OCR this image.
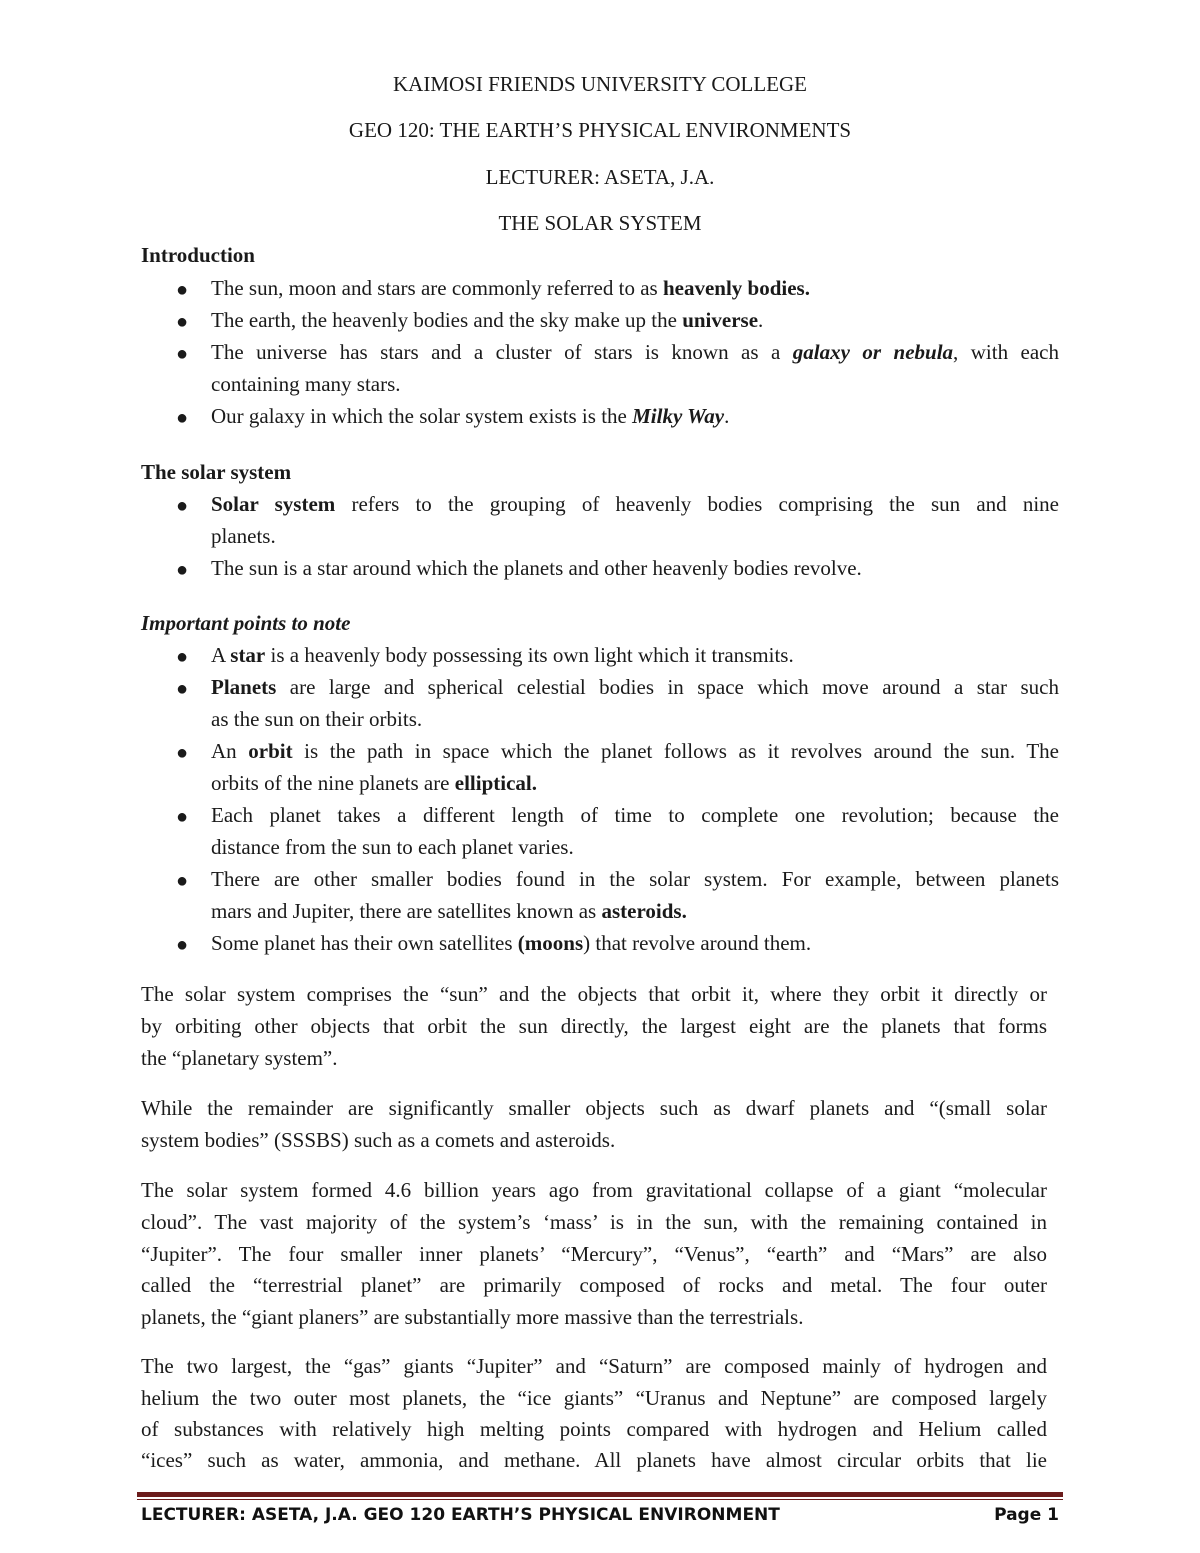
KAIMOSI FRIENDS UNIVERSITY COLLEGE
GEO 120: THE EARTH’S PHYSICAL ENVIRONMENTS
LECTURER: ASETA, J.A.
THE SOLAR SYSTEM
Introduction
● The sun, moon and stars are commonly referred to as heavenly bodies.
● The earth, the heavenly bodies and the sky make up the universe.
● The universe has stars and a cluster of stars is known as a galaxy or nebula, with each
containing many stars.
● Our galaxy in which the solar system exists is the Milky Way.
The solar system
● Solar system refers to the grouping of heavenly bodies comprising the sun and nine
planets.
● The sun is a star around which the planets and other heavenly bodies revolve.
Important points to note
● A star is a heavenly body possessing its own light which it transmits.
● Planets are large and spherical celestial bodies in space which move around a star such
as the sun on their orbits.
● An orbit is the path in space which the planet follows as it revolves around the sun. The
orbits of the nine planets are elliptical.
● Each planet takes a different length of time to complete one revolution; because the
distance from the sun to each planet varies.
● There are other smaller bodies found in the solar system. For example, between planets
mars and Jupiter, there are satellites known as asteroids.
● Some planet has their own satellites (moons) that revolve around them.
The solar system comprises the “sun” and the objects that orbit it, where they orbit it directly or
by orbiting other objects that orbit the sun directly, the largest eight are the planets that forms
the “planetary system”.
While the remainder are significantly smaller objects such as dwarf planets and “(small solar
system bodies” (SSSBS) such as a comets and asteroids.
The solar system formed 4.6 billion years ago from gravitational collapse of a giant “molecular
cloud”. The vast majority of the system’s ‘mass’ is in the sun, with the remaining contained in
“Jupiter”. The four smaller inner planets’ “Mercury”, “Venus”, “earth” and “Mars” are also
called the “terrestrial planet” are primarily composed of rocks and metal. The four outer
planets, the “giant planers” are substantially more massive than the terrestrials.
The two largest, the “gas” giants “Jupiter” and “Saturn” are composed mainly of hydrogen and
helium the two outer most planets, the “ice giants” “Uranus and Neptune” are composed largely
of substances with relatively high melting points compared with hydrogen and Helium called
“ices” such as water, ammonia, and methane. All planets have almost circular orbits that lie
LECTURER: ASETA, J.A. GEO 120 EARTH’S PHYSICAL ENVIRONMENT	Page 1
